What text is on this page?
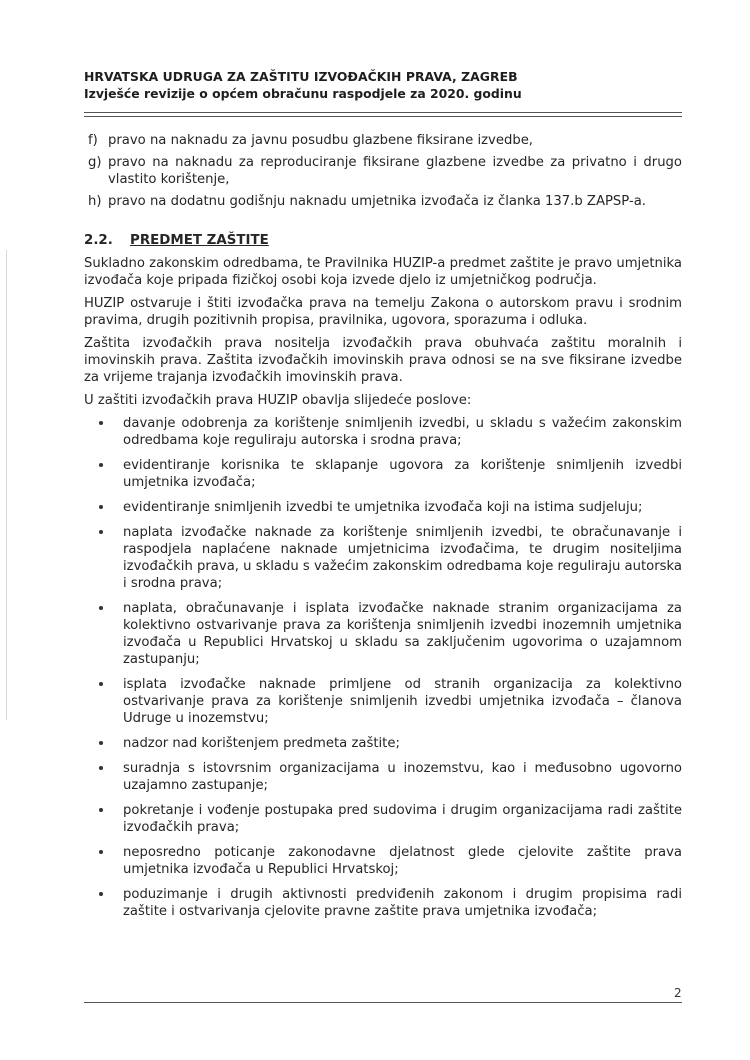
HRVATSKA UDRUGA ZA ZAŠTITU IZVOĐAČKIH PRAVA, ZAGREB
Izvješće revizije o općem obračunu raspodjele za 2020. godinu
f) pravo na naknadu za javnu posudbu glazbene fiksirane izvedbe,
g) pravo na naknadu za reproduciranje fiksirane glazbene izvedbe za privatno i drugo vlastito korištenje,
h) pravo na dodatnu godišnju naknadu umjetnika izvođača iz članka 137.b ZAPSP-a.
2.2. PREDMET ZAŠTITE

Sukladno zakonskim odredbama, te Pravilnika HUZIP-a predmet zaštite je pravo umjetnika izvođača koje pripada fizičkoj osobi koja izvede djelo iz umjetničkog područja.

HUZIP ostvaruje i štiti izvođačka prava na temelju Zakona o autorskom pravu i srodnim pravima, drugih pozitivnih propisa, pravilnika, ugovora, sporazuma i odluka.

Zaštita izvođačkih prava nositelja izvođačkih prava obuhvaća zaštitu moralnih i imovinskih prava. Zaštita izvođačkih imovinskih prava odnosi se na sve fiksirane izvedbe za vrijeme trajanja izvođačkih imovinskih prava.

U zaštiti izvođačkih prava HUZIP obavlja slijedeće poslove:

davanje odobrenja za korištenje snimljenih izvedbi, u skladu s važećim zakonskim odredbama koje reguliraju autorska i srodna prava;
evidentiranje korisnika te sklapanje ugovora za korištenje snimljenih izvedbi umjetnika izvođača;
evidentiranje snimljenih izvedbi te umjetnika izvođača koji na istima sudjeluju;
naplata izvođačke naknade za korištenje snimljenih izvedbi, te obračunavanje i raspodjela naplaćene naknade umjetnicima izvođačima, te drugim nositeljima izvođačkih prava, u skladu s važećim zakonskim odredbama koje reguliraju autorska i srodna prava;
naplata, obračunavanje i isplata izvođačke naknade stranim organizacijama za kolektivno ostvarivanje prava za korištenja snimljenih izvedbi inozemnih umjetnika izvođača u Republici Hrvatskoj u skladu sa zaključenim ugovorima o uzajamnom zastupanju;
isplata izvođačke naknade primljene od stranih organizacija za kolektivno ostvarivanje prava za korištenje snimljenih izvedbi umjetnika izvođača – članova Udruge u inozemstvu;
nadzor nad korištenjem predmeta zaštite;
suradnja s istovrsnim organizacijama u inozemstvu, kao i međusobno ugovorno uzajamno zastupanje;
pokretanje i vođenje postupaka pred sudovima i drugim organizacijama radi zaštite izvođačkih prava;
neposredno poticanje zakonodavne djelatnost glede cjelovite zaštite prava umjetnika izvođača u Republici Hrvatskoj;
poduzimanje i drugih aktivnosti predviđenih zakonom i drugim propisima radi zaštite i ostvarivanja cjelovite pravne zaštite prava umjetnika izvođača;
2
